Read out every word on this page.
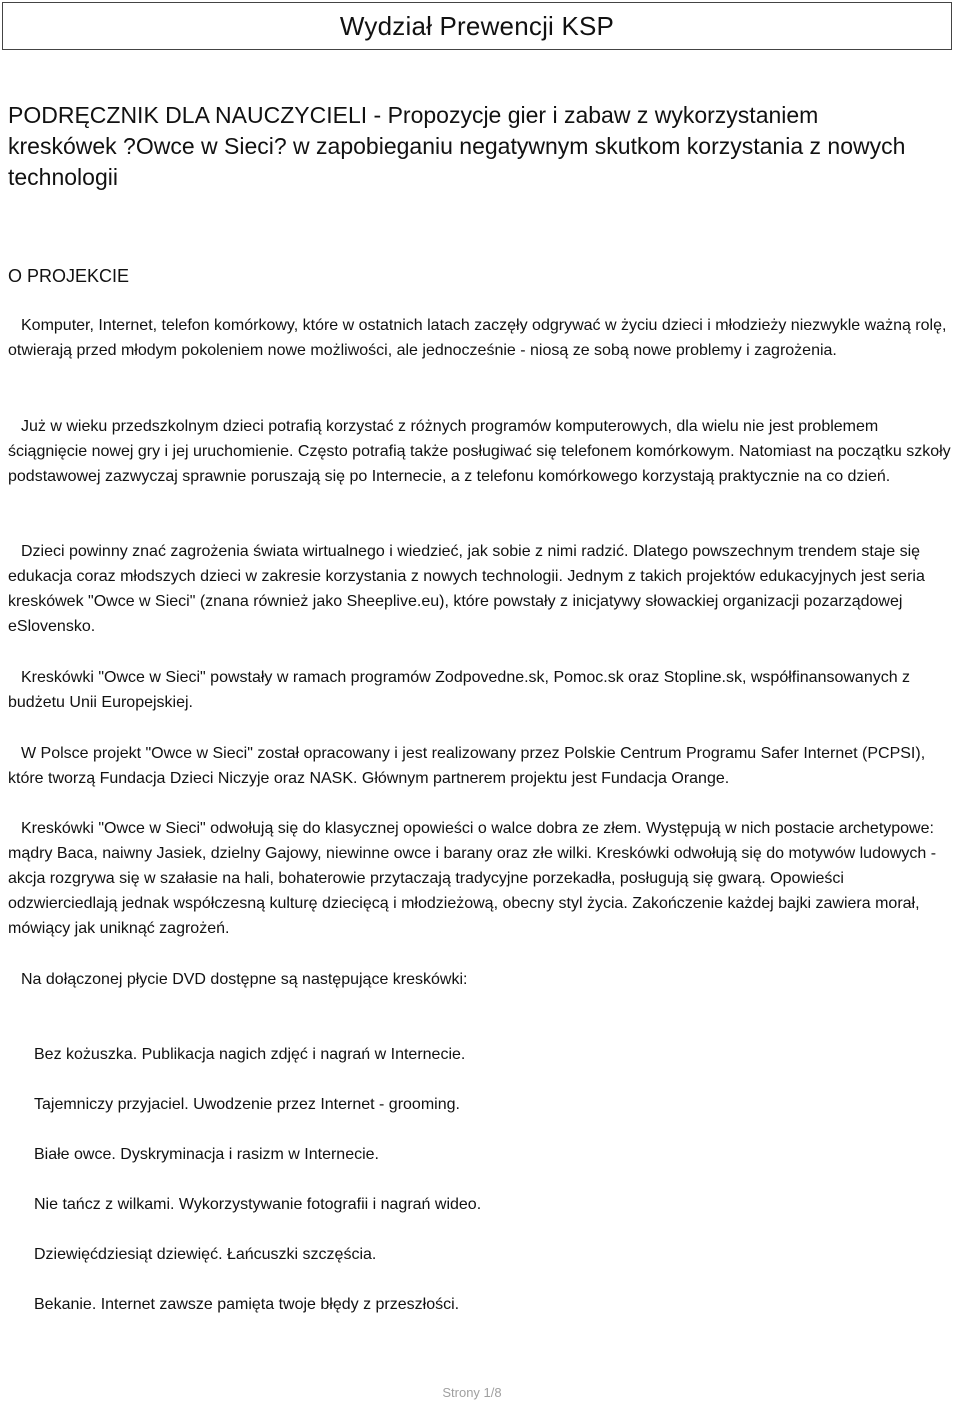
Wydział Prewencji KSP
PODRĘCZNIK DLA NAUCZYCIELI - Propozycje gier i zabaw z wykorzystaniem kreskówek ?Owce w Sieci? w zapobieganiu negatywnym skutkom korzystania z nowych technologii
O PROJEKCIE

Komputer, Internet, telefon komórkowy, które w ostatnich latach zaczęły odgrywać w życiu dzieci i młodzieży niezwykle ważną rolę, otwierają przed młodym pokoleniem nowe możliwości, ale jednocześnie - niosą ze sobą nowe problemy i zagrożenia.

Już w wieku przedszkolnym dzieci potrafią korzystać z różnych programów komputerowych, dla wielu nie jest problemem ściągnięcie nowej gry i jej uruchomienie. Często potrafią także posługiwać się telefonem komórkowym. Natomiast na początku szkoły podstawowej zazwyczaj sprawnie poruszają się po Internecie, a z telefonu komórkowego korzystają praktycznie na co dzień.

Dzieci powinny znać zagrożenia świata wirtualnego i wiedzieć, jak sobie z nimi radzić. Dlatego powszechnym trendem staje się edukacja coraz młodszych dzieci w zakresie korzystania z nowych technologii. Jednym z takich projektów edukacyjnych jest seria kreskówek "Owce w Sieci" (znana również jako Sheeplive.eu), które powstały z inicjatywy słowackiej organizacji pozarządowej eSlovensko.

Kreskówki "Owce w Sieci" powstały w ramach programów Zodpovedne.sk, Pomoc.sk oraz Stopline.sk, współfinansowanych z budżetu Unii Europejskiej.

W Polsce projekt "Owce w Sieci" został opracowany i jest realizowany przez Polskie Centrum Programu Safer Internet (PCPSI), które tworzą Fundacja Dzieci Niczyje oraz NASK. Głównym partnerem projektu jest Fundacja Orange.

Kreskówki "Owce w Sieci" odwołują się do klasycznej opowieści o walce dobra ze złem. Występują w nich postacie archetypowe: mądry Baca, naiwny Jasiek, dzielny Gajowy, niewinne owce i barany oraz złe wilki. Kreskówki odwołują się do motywów ludowych - akcja rozgrywa się w szałasie na hali, bohaterowie przytaczają tradycyjne porzekadła, posługują się gwarą. Opowieści odzwierciedlają jednak współczesną kulturę dziecięcą i młodzieżową, obecny styl życia. Zakończenie każdej bajki zawiera morał, mówiący jak uniknąć zagrożeń.

Na dołączonej płycie DVD dostępne są następujące kreskówki:

Bez kożuszka. Publikacja nagich zdjęć i nagrań w Internecie.
Tajemniczy przyjaciel. Uwodzenie przez Internet - grooming.
Białe owce. Dyskryminacja i rasizm w Internecie.
Nie tańcz z wilkami. Wykorzystywanie fotografii i nagrań wideo.
Dziewięćdziesiąt dziewięć. Łańcuszki szczęścia.
Bekanie. Internet zawsze pamięta twoje błędy z przeszłości.
Strony 1/8
